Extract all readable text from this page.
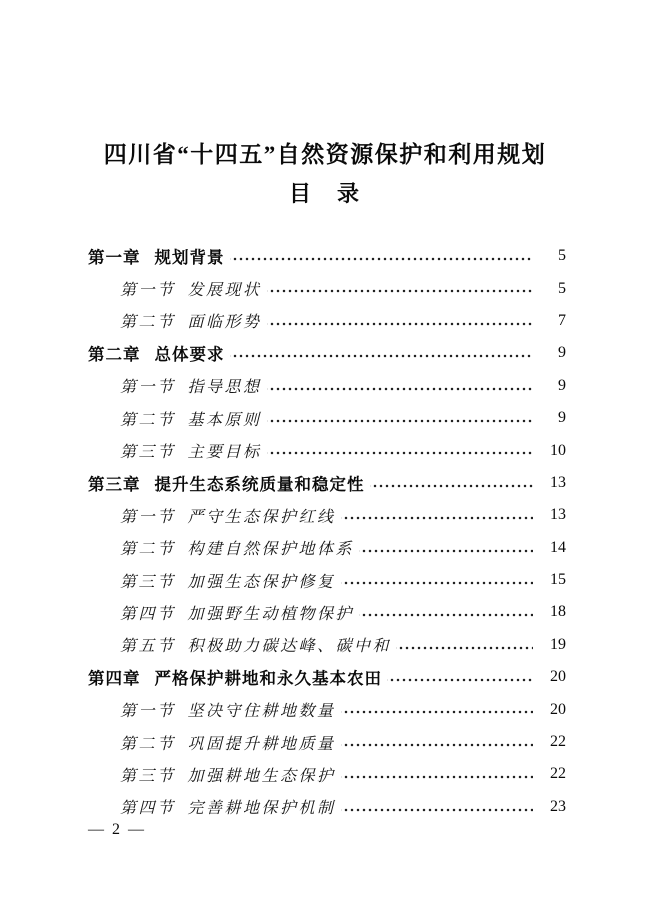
四川省“十四五”自然资源保护和利用规划
目　录
第一章 规划背景	5
第一节 发展现状	5
第二节 面临形势	7
第二章 总体要求	9
第一节 指导思想	9
第二节 基本原则	9
第三节 主要目标	10
第三章 提升生态系统质量和稳定性	13
第一节 严守生态保护红线	13
第二节 构建自然保护地体系	14
第三节 加强生态保护修复	15
第四节 加强野生动植物保护	18
第五节 积极助力碳达峰、碳中和	19
第四章 严格保护耕地和永久基本农田	20
第一节 坚决守住耕地数量	20
第二节 巩固提升耕地质量	22
第三节 加强耕地生态保护	22
第四节 完善耕地保护机制	23
— 2 —
